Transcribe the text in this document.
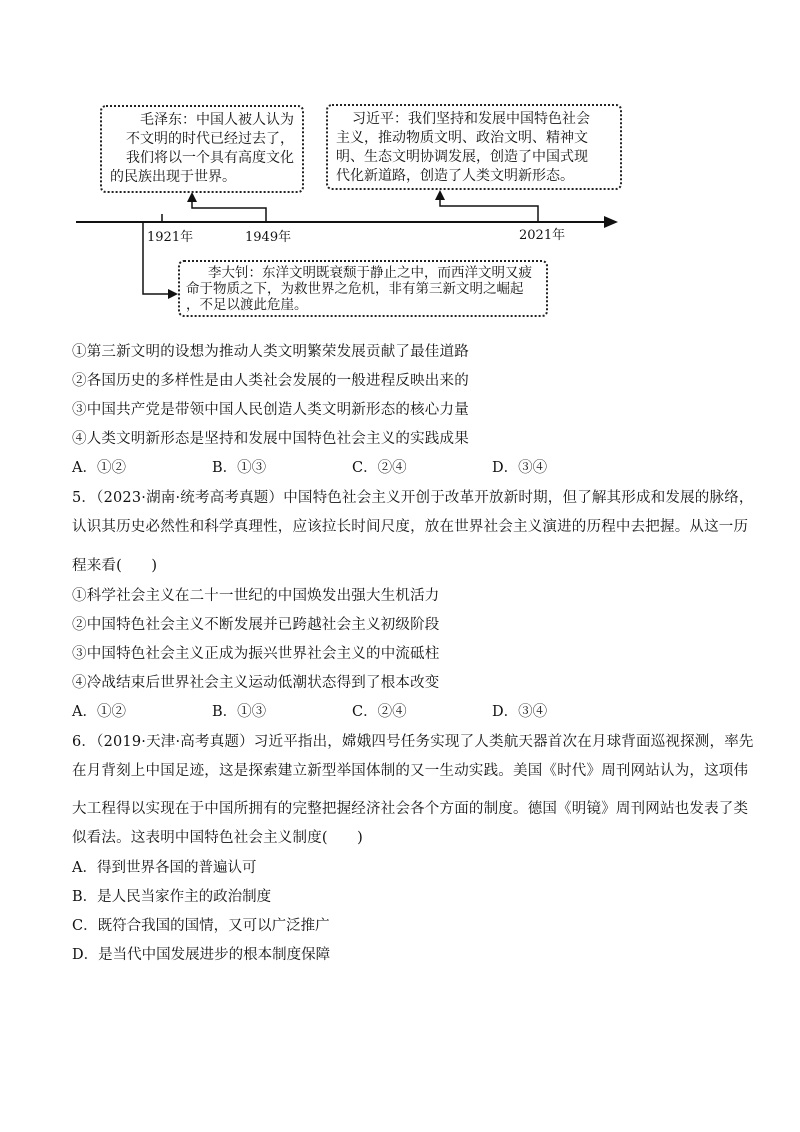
1921年	1949年	2021年
毛泽东：中国人被人认为
不文明的时代已经过去了，
我们将以一个具有高度文化
的民族出现于世界。
习近平：我们坚持和发展中国特色社会
主义，推动物质文明、政治文明、精神文
明、生态文明协调发展，创造了中国式现
代化新道路，创造了人类文明新形态。
李大钊：东洋文明既衰颓于静止之中，而西洋文明又疲
命于物质之下，为救世界之危机，非有第三新文明之崛起
，不足以渡此危崖。
①第三新文明的设想为推动人类文明繁荣发展贡献了最佳道路
②各国历史的多样性是由人类社会发展的一般进程反映出来的
③中国共产党是带领中国人民创造人类文明新形态的核心力量
④人类文明新形态是坚持和发展中国特色社会主义的实践成果
A．①②	B．①③	C．②④	D．③④
5．（2023·湖南·统考高考真题）中国特色社会主义开创于改革开放新时期，但了解其形成和发展的脉络，
认识其历史必然性和科学真理性，应该拉长时间尺度，放在世界社会主义演进的历程中去把握。从这一历
程来看(　　)
①科学社会主义在二十一世纪的中国焕发出强大生机活力
②中国特色社会主义不断发展并已跨越社会主义初级阶段
③中国特色社会主义正成为振兴世界社会主义的中流砥柱
④冷战结束后世界社会主义运动低潮状态得到了根本改变
A．①②	B．①③	C．②④	D．③④
6．（2019·天津·高考真题）习近平指出，嫦娥四号任务实现了人类航天器首次在月球背面巡视探测，率先
在月背刻上中国足迹，这是探索建立新型举国体制的又一生动实践。美国《时代》周刊网站认为，这项伟
大工程得以实现在于中国所拥有的完整把握经济社会各个方面的制度。德国《明镜》周刊网站也发表了类
似看法。这表明中国特色社会主义制度(　　)
A．得到世界各国的普遍认可
B．是人民当家作主的政治制度
C．既符合我国的国情，又可以广泛推广
D．是当代中国发展进步的根本制度保障
